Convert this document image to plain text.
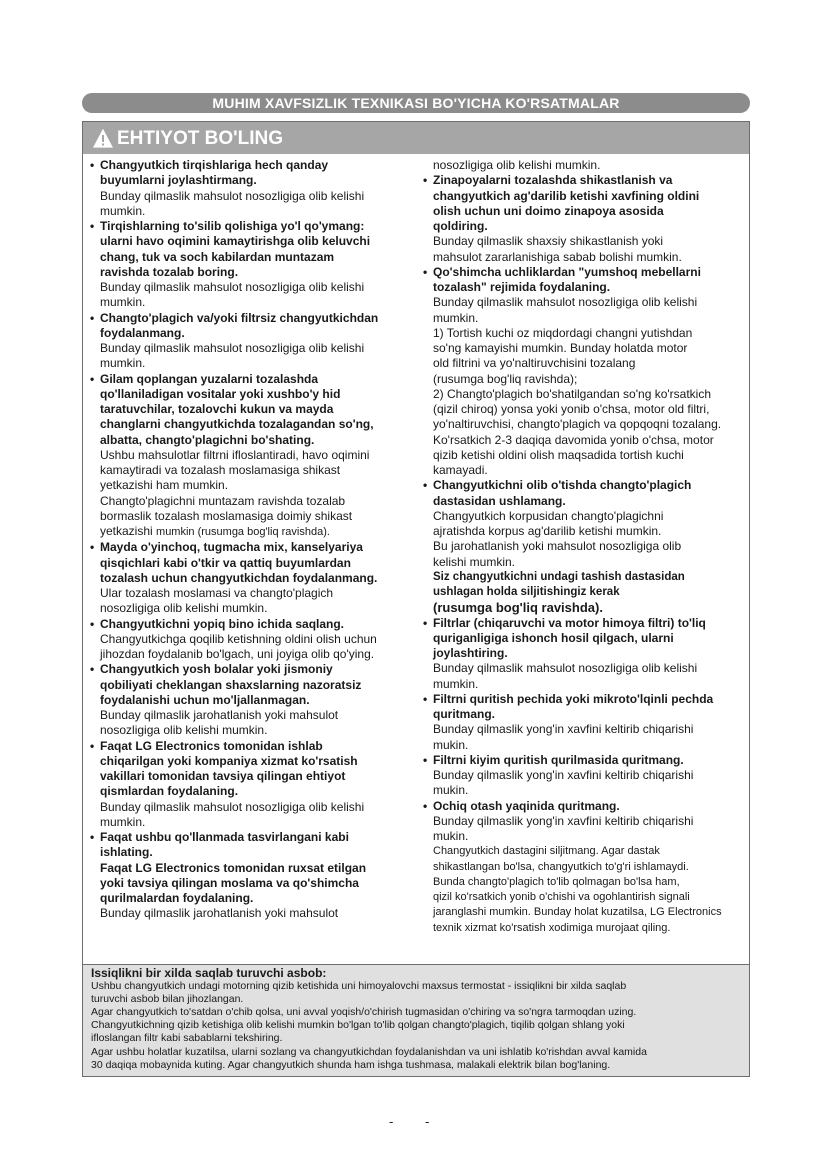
MUHIM XAVFSIZLIK TEXNIKASI BO'YICHA KO'RSATMALAR
EHTIYOT BO'LING
• Changyutkich tirqishlariga hech qanday
buyumlarni joylashtirmang.
Bunday qilmaslik mahsulot nosozligiga olib kelishi
mumkin.
• Tirqishlarning to'silib qolishiga yo'l qo'ymang:
ularni havo oqimini kamaytirishga olib keluvchi
chang, tuk va soch kabilardan muntazam
ravishda tozalab boring.
Bunday qilmaslik mahsulot nosozligiga olib kelishi
mumkin.
• Changto'plagich va/yoki filtrsiz changyutkichdan
foydalanmang.
Bunday qilmaslik mahsulot nosozligiga olib kelishi
mumkin.
• Gilam qoplangan yuzalarni tozalashda
qo'llaniladigan vositalar yoki xushbo'y hid
taratuvchilar, tozalovchi kukun va mayda
changlarni changyutkichda tozalagandan so'ng,
albatta, changto'plagichni bo'shating.
Ushbu mahsulotlar filtrni ifloslantiradi, havo oqimini
kamaytiradi va tozalash moslamasiga shikast
yetkazishi ham mumkin.
Changto'plagichni muntazam ravishda tozalab
bormaslik tozalash moslamasiga doimiy shikast
yetkazishi mumkin (rusumga bog'liq ravishda).
• Mayda o'yinchoq, tugmacha mix, kanselyariya
qisqichlari kabi o'tkir va qattiq buyumlardan
tozalash uchun changyutkichdan foydalanmang.
Ular tozalash moslamasi va changto'plagich
nosozligiga olib kelishi mumkin.
• Changyutkichni yopiq bino ichida saqlang.
Changyutkichga qoqilib ketishning oldini olish uchun
jihozdan foydalanib bo'lgach, uni joyiga olib qo'ying.
• Changyutkich yosh bolalar yoki jismoniy
qobiliyati cheklangan shaxslarning nazoratsiz
foydalanishi uchun mo'ljallanmagan.
Bunday qilmaslik jarohatlanish yoki mahsulot
nosozligiga olib kelishi mumkin.
• Faqat LG Electronics tomonidan ishlab
chiqarilgan yoki kompaniya xizmat ko'rsatish
vakillari tomonidan tavsiya qilingan ehtiyot
qismlardan foydalaning.
Bunday qilmaslik mahsulot nosozligiga olib kelishi
mumkin.
• Faqat ushbu qo'llanmada tasvirlangani kabi
ishlating.
Faqat LG Electronics tomonidan ruxsat etilgan
yoki tavsiya qilingan moslama va qo'shimcha
qurilmalardan foydalaning.
Bunday qilmaslik jarohatlanish yoki mahsulot
nosozligiga olib kelishi mumkin.
• Zinapoyalarni tozalashda shikastlanish va
changyutkich ag'darilib ketishi xavfining oldini
olish uchun uni doimo zinapoya asosida
qoldiring.
Bunday qilmaslik shaxsiy shikastlanish yoki
mahsulot zararlanishiga sabab bolishi mumkin.
• Qo'shimcha uchliklardan "yumshoq mebellarni
tozalash" rejimida foydalaning.
Bunday qilmaslik mahsulot nosozligiga olib kelishi
mumkin.
1) Tortish kuchi oz miqdordagi changni yutishdan
so'ng kamayishi mumkin. Bunday holatda motor
old filtrini va yo'naltiruvchisini tozalang
(rusumga bog'liq ravishda);
2) Changto'plagich bo'shatilgandan so'ng ko'rsatkich
(qizil chiroq) yonsa yoki yonib o'chsa, motor old filtri,
yo'naltiruvchisi, changto'plagich va qopqoqni tozalang.
Ko'rsatkich 2-3 daqiqa davomida yonib o'chsa, motor
qizib ketishi oldini olish maqsadida tortish kuchi
kamayadi.
• Changyutkichni olib o'tishda changto'plagich
dastasidan ushlamang.
Changyutkich korpusidan changto'plagichni
ajratishda korpus ag'darilib ketishi mumkin.
Bu jarohatlanish yoki mahsulot nosozligiga olib
kelishi mumkin.
Siz changyutkichni undagi tashish dastasidan
ushlagan holda siljitishingiz kerak
(rusumga bog'liq ravishda).
• Filtrlar (chiqaruvchi va motor himoya filtri) to'liq
quriganligiga ishonch hosil qilgach, ularni
joylashtiring.
Bunday qilmaslik mahsulot nosozligiga olib kelishi
mumkin.
• Filtrni quritish pechida yoki mikroto'lqinli pechda
quritmang.
Bunday qilmaslik yong'in xavfini keltirib chiqarishi
mukin.
• Filtrni kiyim quritish qurilmasida quritmang.
Bunday qilmaslik yong'in xavfini keltirib chiqarishi
mukin.
• Ochiq otash yaqinida quritmang.
Bunday qilmaslik yong'in xavfini keltirib chiqarishi
mukin.
Changyutkich dastagini siljitmang. Agar dastak
shikastlangan bo'lsa, changyutkich to'g'ri ishlamaydi.
Bunda changto'plagich to'lib qolmagan bo'lsa ham,
qizil ko'rsatkich yonib o'chishi va ogohlantirish signali
jaranglashi mumkin. Bunday holat kuzatilsa, LG Electronics
texnik xizmat ko'rsatish xodimiga murojaat qiling.
Issiqlikni bir xilda saqlab turuvchi asbob:
Ushbu changyutkich undagi motorning qizib ketishida uni himoyalovchi maxsus termostat - issiqlikni bir xilda saqlab
turuvchi asbob bilan jihozlangan.
Agar changyutkich to'satdan o'chib qolsa, uni avval yoqish/o'chirish tugmasidan o'chiring va so'ngra tarmoqdan uzing.
Changyutkichning qizib ketishiga olib kelishi mumkin bo'lgan to'lib qolgan changto'plagich, tiqilib qolgan shlang yoki
ifloslangan filtr kabi sabablarni tekshiring.
Agar ushbu holatlar kuzatilsa, ularni sozlang va changyutkichdan foydalanishdan va uni ishlatib ko'rishdan avval kamida
30 daqiqa mobaynida kuting. Agar changyutkich shunda ham ishga tushmasa, malakali elektrik bilan bog'laning.
- -
